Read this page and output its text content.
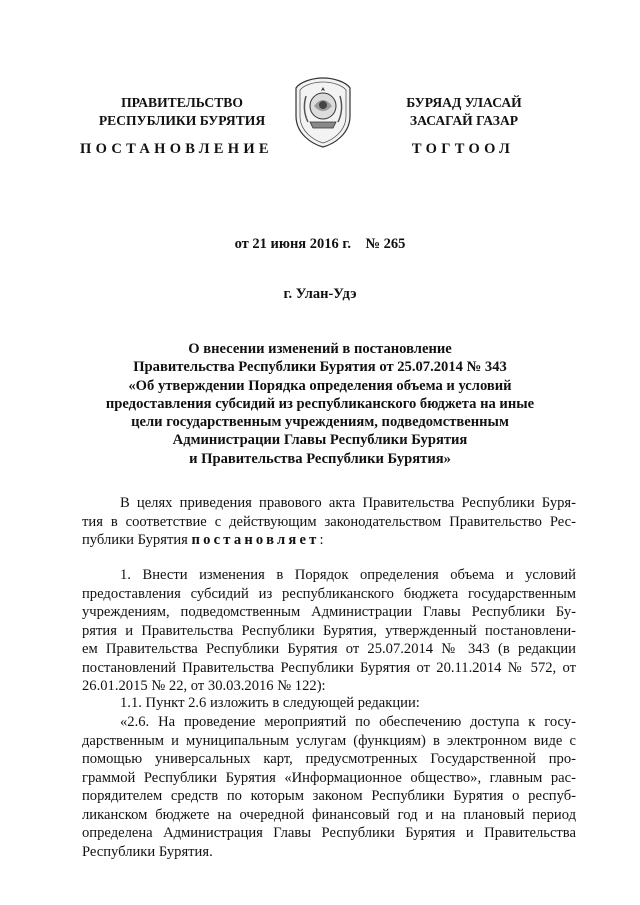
ПРАВИТЕЛЬСТВО
РЕСПУБЛИКИ БУРЯТИЯ
БУРЯАД УЛАСАЙ
ЗАСАГАЙ ГАЗАР
ПОСТАНОВЛЕНИЕ	ТОГТООЛ
от 21 июня 2016 г. № 265
г. Улан-Удэ
О внесении изменений в постановление
Правительства Республики Бурятия от 25.07.2014 № 343
«Об утверждении Порядка определения объема и условий
предоставления субсидий из республиканского бюджета на иные
цели государственным учреждениям, подведомственным
Администрации Главы Республики Бурятия
и Правительства Республики Бурятия»
В целях приведения правового акта Правительства Республики Буря-
тия в соответствие с действующим законодательством Правительство Рес-
публики Бурятия постановляет:
1. Внести изменения в Порядок определения объема и условий
предоставления субсидий из республиканского бюджета государственным
учреждениям, подведомственным Администрации Главы Республики Бу-
рятия и Правительства Республики Бурятия, утвержденный постановлени-
ем Правительства Республики Бурятия от 25.07.2014 № 343 (в редакции
постановлений Правительства Республики Бурятия от 20.11.2014 № 572, от
26.01.2015 № 22, от 30.03.2016 № 122):
1.1. Пункт 2.6 изложить в следующей редакции:
«2.6. На проведение мероприятий по обеспечению доступа к госу-
дарственным и муниципальным услугам (функциям) в электронном виде с
помощью универсальных карт, предусмотренных Государственной про-
граммой Республики Бурятия «Информационное общество», главным рас-
порядителем средств по которым законом Республики Бурятия о респуб-
ликанском бюджете на очередной финансовый год и на плановый период
определена Администрация Главы Республики Бурятия и Правительства
Республики Бурятия.
